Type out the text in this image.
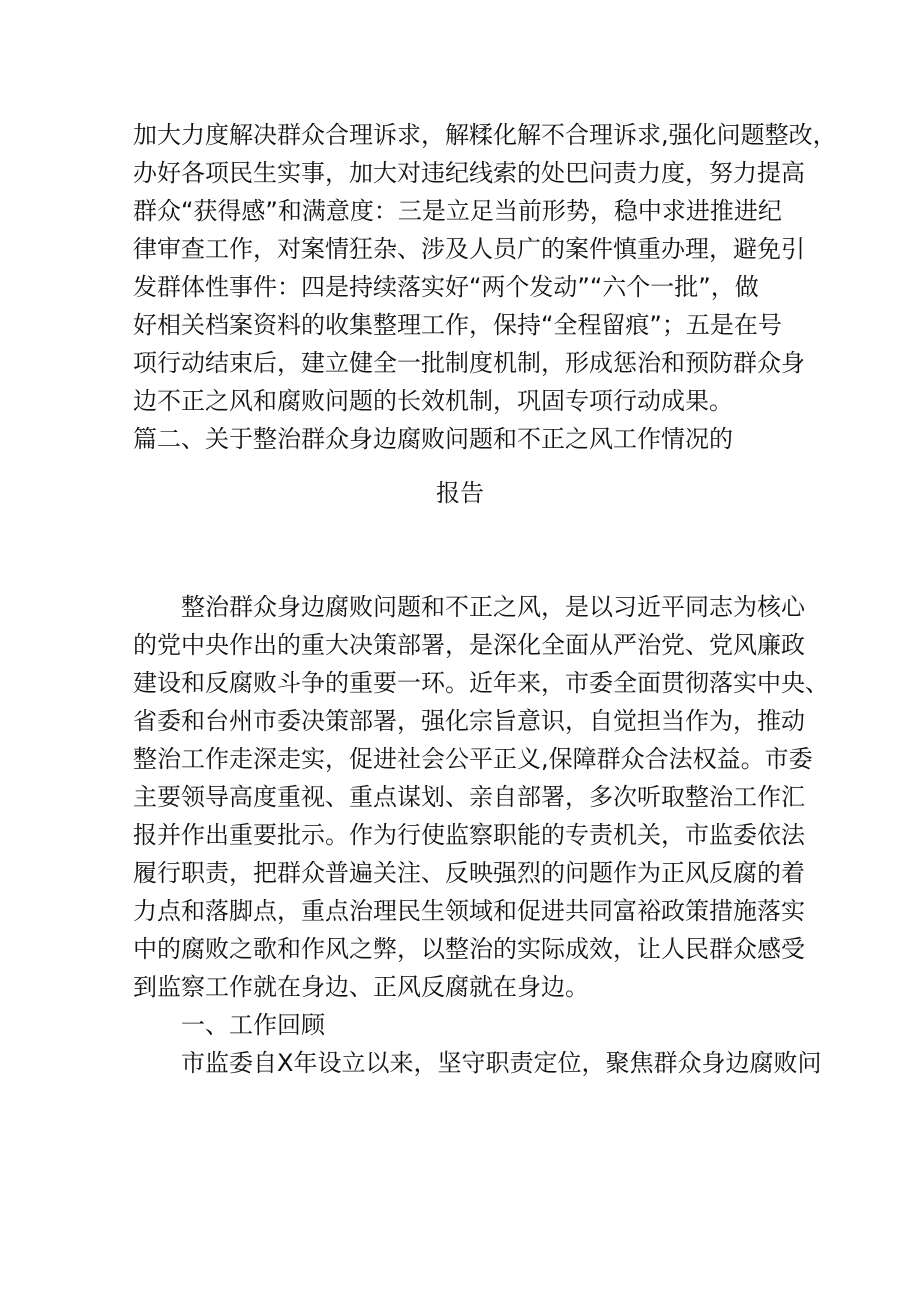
加大力度解决群众合理诉求，解糅化解不合理诉求,强化问题整改，
办好各项民生实事，加大对违纪线索的处巴问责力度，努力提高
群众“获得感”和满意度：三是立足当前形势，稳中求进推进纪
律审查工作，对案情狂杂、涉及人员广的案件慎重办理，避免引
发群体性事件：四是持续落实好“两个发动”“六个一批”，做
好相关档案资料的收集整理工作，保持“全程留痕”；五是在号
项行动结束后，建立健全一批制度机制，形成惩治和预防群众身
边不正之风和腐败问题的长效机制，巩固专项行动成果。
篇二、关于整治群众身边腐败问题和不正之风工作情况的
报告
整治群众身边腐败问题和不正之风，是以习近平同志为核心
的党中央作出的重大决策部署，是深化全面从严治党、党风廉政
建设和反腐败斗争的重要一环。近年来，市委全面贯彻落实中央、
省委和台州市委决策部署，强化宗旨意识，自觉担当作为，推动
整治工作走深走实，促进社会公平正义,保障群众合法权益。市委
主要领导高度重视、重点谋划、亲自部署，多次听取整治工作汇
报并作出重要批示。作为行使监察职能的专责机关，市监委依法
履行职责，把群众普遍关注、反映强烈的问题作为正风反腐的着
力点和落脚点，重点治理民生领域和促进共同富裕政策措施落实
中的腐败之歌和作风之弊，以整治的实际成效，让人民群众感受
到监察工作就在身边、正风反腐就在身边。
一、工作回顾
市监委自X年设立以来，坚守职责定位，聚焦群众身边腐败问
